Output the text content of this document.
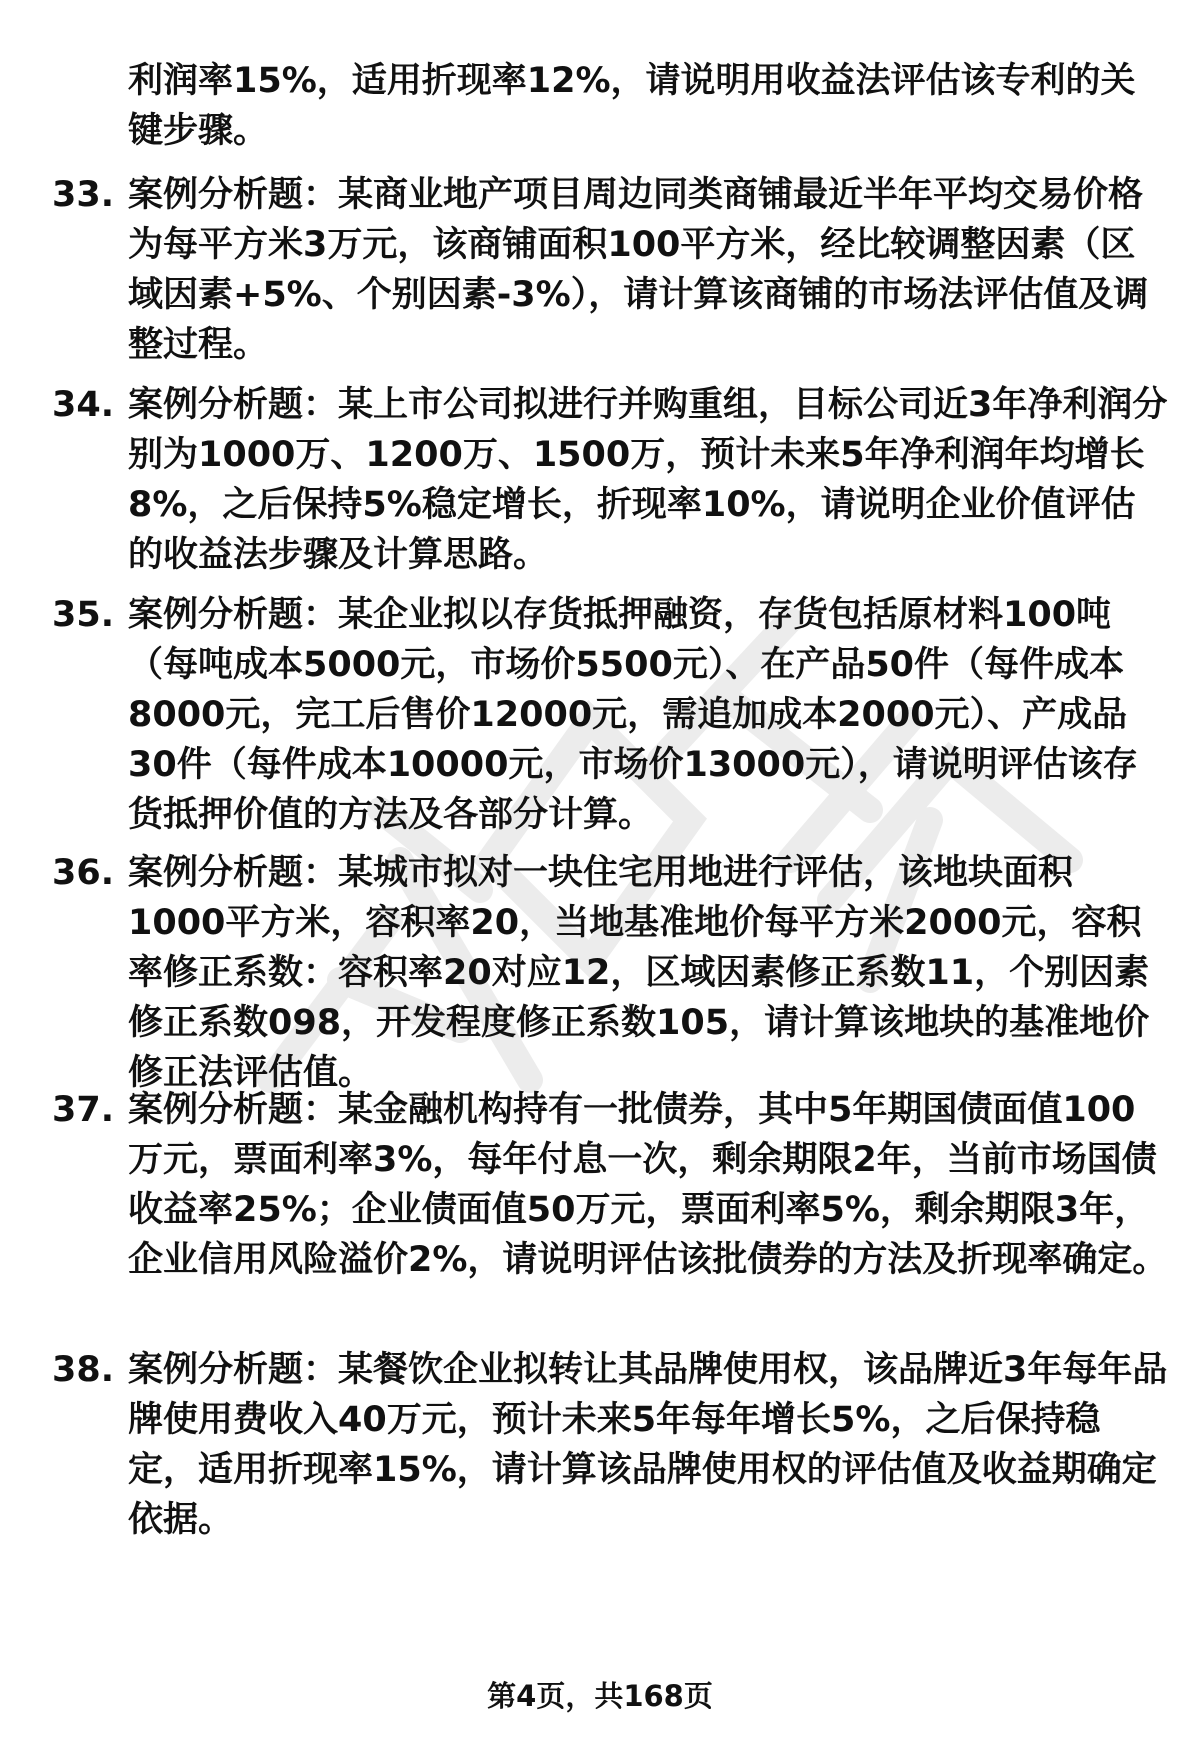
利润率15%，适用折现率12%，请说明用收益法评估该专利的关键步骤。

33. 案例分析题：某商业地产项目周边同类商铺最近半年平均交易价格为每平方米3万元，该商铺面积100平方米，经比较调整因素（区域因素+5%、个别因素-3%），请计算该商铺的市场法评估值及调整过程。

34. 案例分析题：某上市公司拟进行并购重组，目标公司近3年净利润分别为1000万、1200万、1500万，预计未来5年净利润年均增长8%，之后保持5%稳定增长，折现率10%，请说明企业价值评估的收益法步骤及计算思路。

35. 案例分析题：某企业拟以存货抵押融资，存货包括原材料100吨（每吨成本5000元，市场价5500元）、在产品50件（每件成本8000元，完工后售价12000元，需追加成本2000元）、产成品30件（每件成本10000元，市场价13000元），请说明评估该存货抵押价值的方法及各部分计算。

36. 案例分析题：某城市拟对一块住宅用地进行评估，该地块面积1000平方米，容积率20，当地基准地价每平方米2000元，容积率修正系数：容积率20对应12，区域因素修正系数11，个别因素修正系数098，开发程度修正系数105，请计算该地块的基准地价修正法评估值。

37. 案例分析题：某金融机构持有一批债券，其中5年期国债面值100万元，票面利率3%，每年付息一次，剩余期限2年，当前市场国债收益率25%；企业债面值50万元，票面利率5%，剩余期限3年，企业信用风险溢价2%，请说明评估该批债券的方法及折现率确定。

38. 案例分析题：某餐饮企业拟转让其品牌使用权，该品牌近3年每年品牌使用费收入40万元，预计未来5年每年增长5%，之后保持稳定，适用折现率15%，请计算该品牌使用权的评估值及收益期确定依据。

第4页，共168页
